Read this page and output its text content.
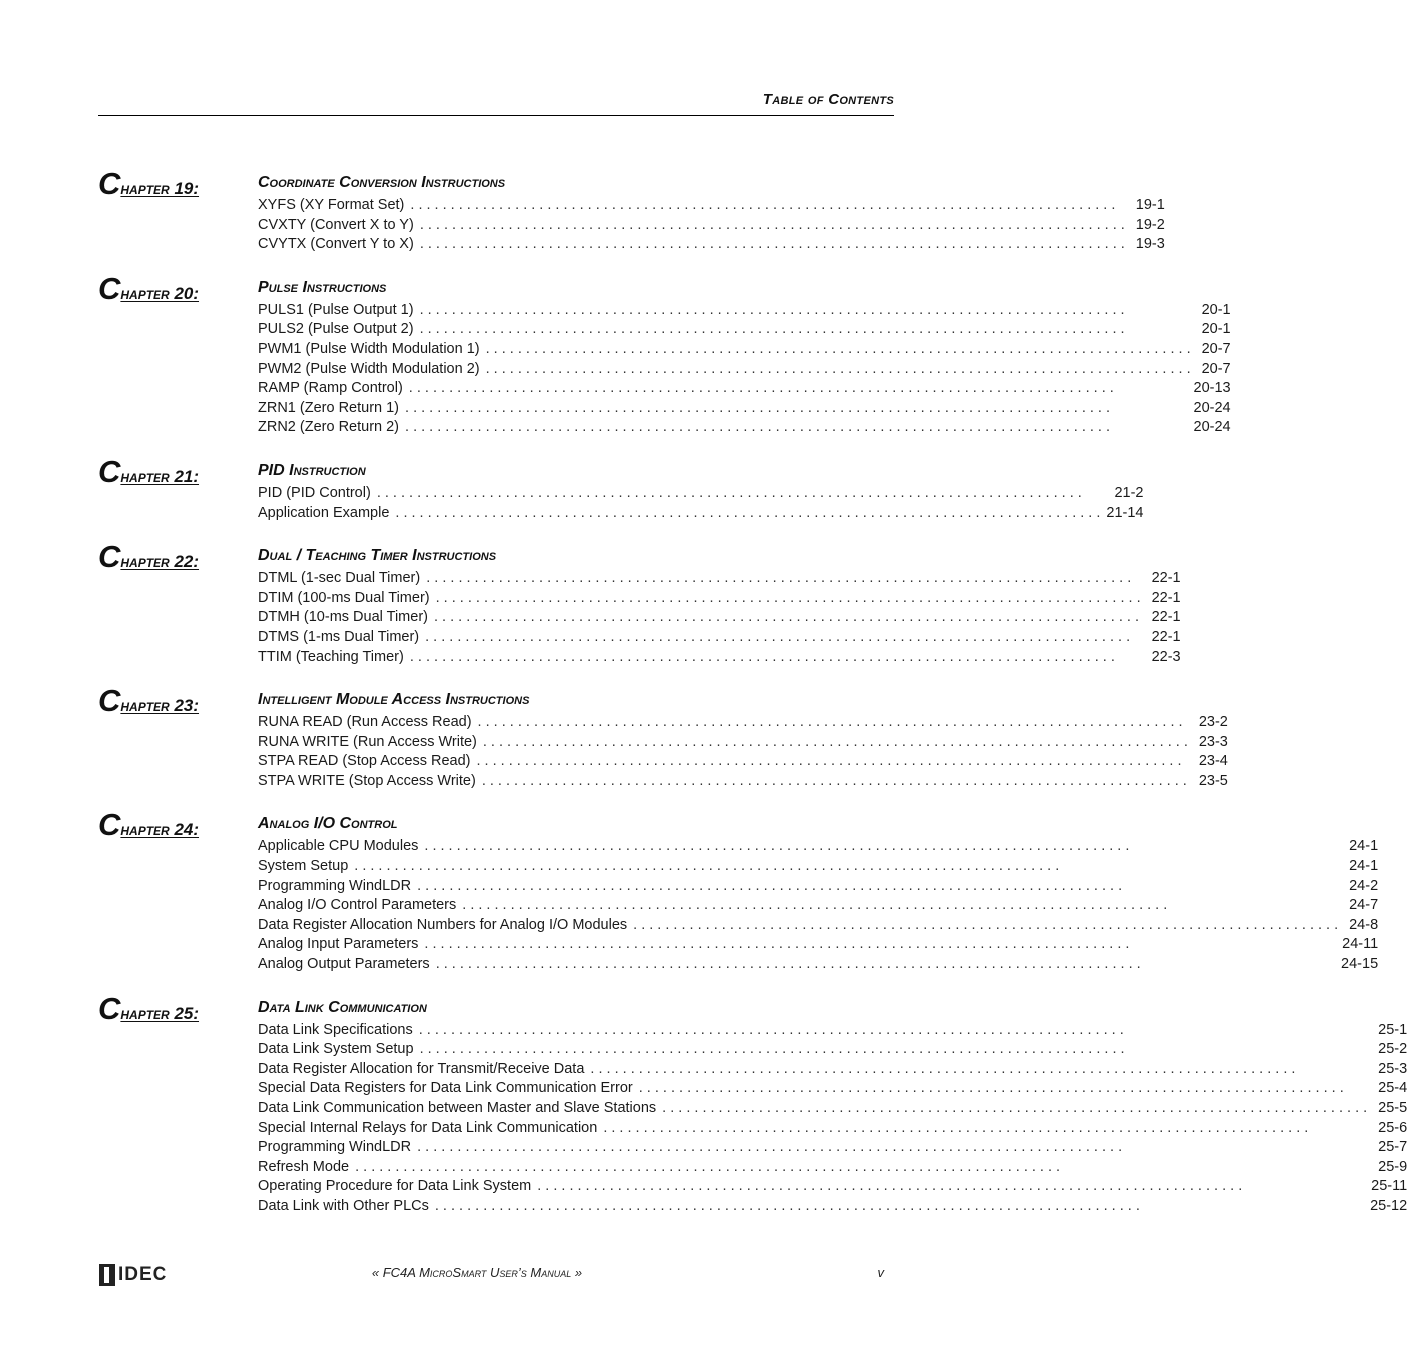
Table of Contents
Chapter 19:	Coordinate Conversion Instructions
XYFS (XY Format Set) . . .	19-1
CVXTY (Convert X to Y) . . .	19-2
CVYTX (Convert Y to X) . . .	19-3
Chapter 20:	Pulse Instructions
PULS1 (Pulse Output 1) . . .	20-1
PULS2 (Pulse Output 2) . . .	20-1
PWM1 (Pulse Width Modulation 1) . . .	20-7
PWM2 (Pulse Width Modulation 2) . . .	20-7
RAMP (Ramp Control) . . .	20-13
ZRN1 (Zero Return 1) . . .	20-24
ZRN2 (Zero Return 2) . . .	20-24
Chapter 21:	PID Instruction
PID (PID Control) . . .	21-2
Application Example . . .	21-14
Chapter 22:	Dual / Teaching Timer Instructions
DTML (1-sec Dual Timer) . . .	22-1
DTIM (100-ms Dual Timer) . . .	22-1
DTMH (10-ms Dual Timer) . . .	22-1
DTMS (1-ms Dual Timer) . . .	22-1
TTIM (Teaching Timer) . . .	22-3
Chapter 23:	Intelligent Module Access Instructions
RUNA READ (Run Access Read) . . .	23-2
RUNA WRITE (Run Access Write) . . .	23-3
STPA READ (Stop Access Read) . . .	23-4
STPA WRITE (Stop Access Write) . . .	23-5
Chapter 24:	Analog I/O Control
Applicable CPU Modules . . .	24-1
System Setup . . .	24-1
Programming WindLDR . . .	24-2
Analog I/O Control Parameters . . .	24-7
Data Register Allocation Numbers for Analog I/O Modules . . .	24-8
Analog Input Parameters . . .	24-11
Analog Output Parameters . . .	24-15
Chapter 25:	Data Link Communication
Data Link Specifications . . .	25-1
Data Link System Setup . . .	25-2
Data Register Allocation for Transmit/Receive Data . . .	25-3
Special Data Registers for Data Link Communication Error . . .	25-4
Data Link Communication between Master and Slave Stations . . .	25-5
Special Internal Relays for Data Link Communication . . .	25-6
Programming WindLDR . . .	25-7
Refresh Mode . . .	25-9
Operating Procedure for Data Link System . . .	25-11
Data Link with Other PLCs . . .	25-12
IDEC	« FC4A MicroSmart User’s Manual »	v
